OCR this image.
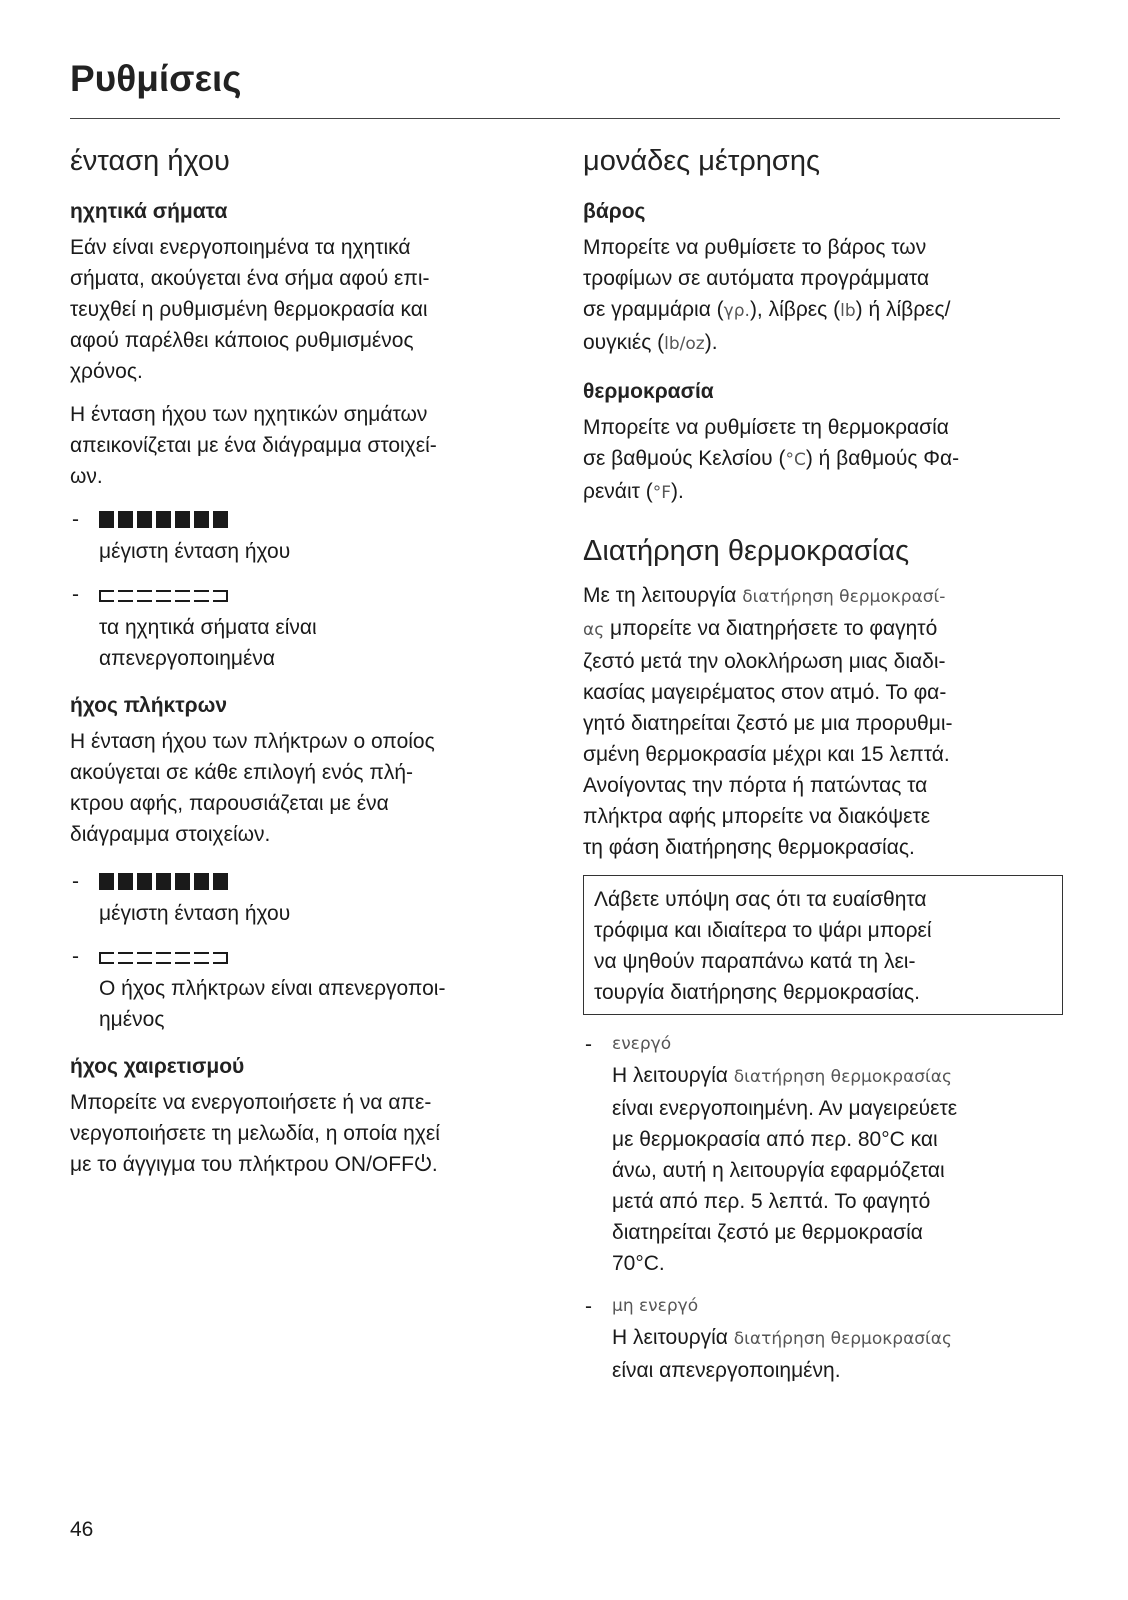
Ρυθμίσεις
ένταση ήχου
ηχητικά σήματα
Εάν είναι ενεργοποιημένα τα ηχητικά
σήματα, ακούγεται ένα σήμα αφού επι-
τευχθεί η ρυθμισμένη θερμοκρασία και
αφού παρέλθει κάποιος ρυθμισμένος
χρόνος.
Η ένταση ήχου των ηχητικών σημάτων
απεικονίζεται με ένα διάγραμμα στοιχεί-
ων.
-
μέγιστη ένταση ήχου
-
τα ηχητικά σήματα είναι
απενεργοποιημένα
ήχος πλήκτρων
Η ένταση ήχου των πλήκτρων ο οποίος
ακούγεται σε κάθε επιλογή ενός πλή-
κτρου αφής, παρουσιάζεται με ένα
διάγραμμα στοιχείων.
-
μέγιστη ένταση ήχου
-
Ο ήχος πλήκτρων είναι απενεργοποι-
ημένος
ήχος χαιρετισμού
Μπορείτε να ενεργοποιήσετε ή να απε-
νεργοποιήσετε τη μελωδία, η οποία ηχεί
με το άγγιγμα του πλήκτρου ON/OFF .
μονάδες μέτρησης
βάρος
Μπορείτε να ρυθμίσετε το βάρος των
τροφίμων σε αυτόματα προγράμματα
σε γραμμάρια (γρ.), λίβρες (lb) ή λίβρες/
ουγκιές (lb/oz).
θερμοκρασία
Μπορείτε να ρυθμίσετε τη θερμοκρασία
σε βαθμούς Κελσίου (°C) ή βαθμούς Φα-
ρενάιτ (°F).
Διατήρηση θερμοκρασίας
Με τη λειτουργία διατήρηση θερμοκρασί-
ας μπορείτε να διατηρήσετε το φαγητό
ζεστό μετά την ολοκλήρωση μιας διαδι-
κασίας μαγειρέματος στον ατμό. Το φα-
γητό διατηρείται ζεστό με μια προρυθμι-
σμένη θερμοκρασία μέχρι και 15 λεπτά.
Ανοίγοντας την πόρτα ή πατώντας τα
πλήκτρα αφής μπορείτε να διακόψετε
τη φάση διατήρησης θερμοκρασίας.
Λάβετε υπόψη σας ότι τα ευαίσθητα
τρόφιμα και ιδιαίτερα το ψάρι μπορεί
να ψηθούν παραπάνω κατά τη λει-
τουργία διατήρησης θερμοκρασίας.
- ενεργό
Η λειτουργία διατήρηση θερμοκρασίας
είναι ενεργοποιημένη. Αν μαγειρεύετε
με θερμοκρασία από περ. 80°C και
άνω, αυτή η λειτουργία εφαρμόζεται
μετά από περ. 5 λεπτά. Το φαγητό
διατηρείται ζεστό με θερμοκρασία
70°C.
- μη ενεργό
Η λειτουργία διατήρηση θερμοκρασίας
είναι απενεργοποιημένη.
46
